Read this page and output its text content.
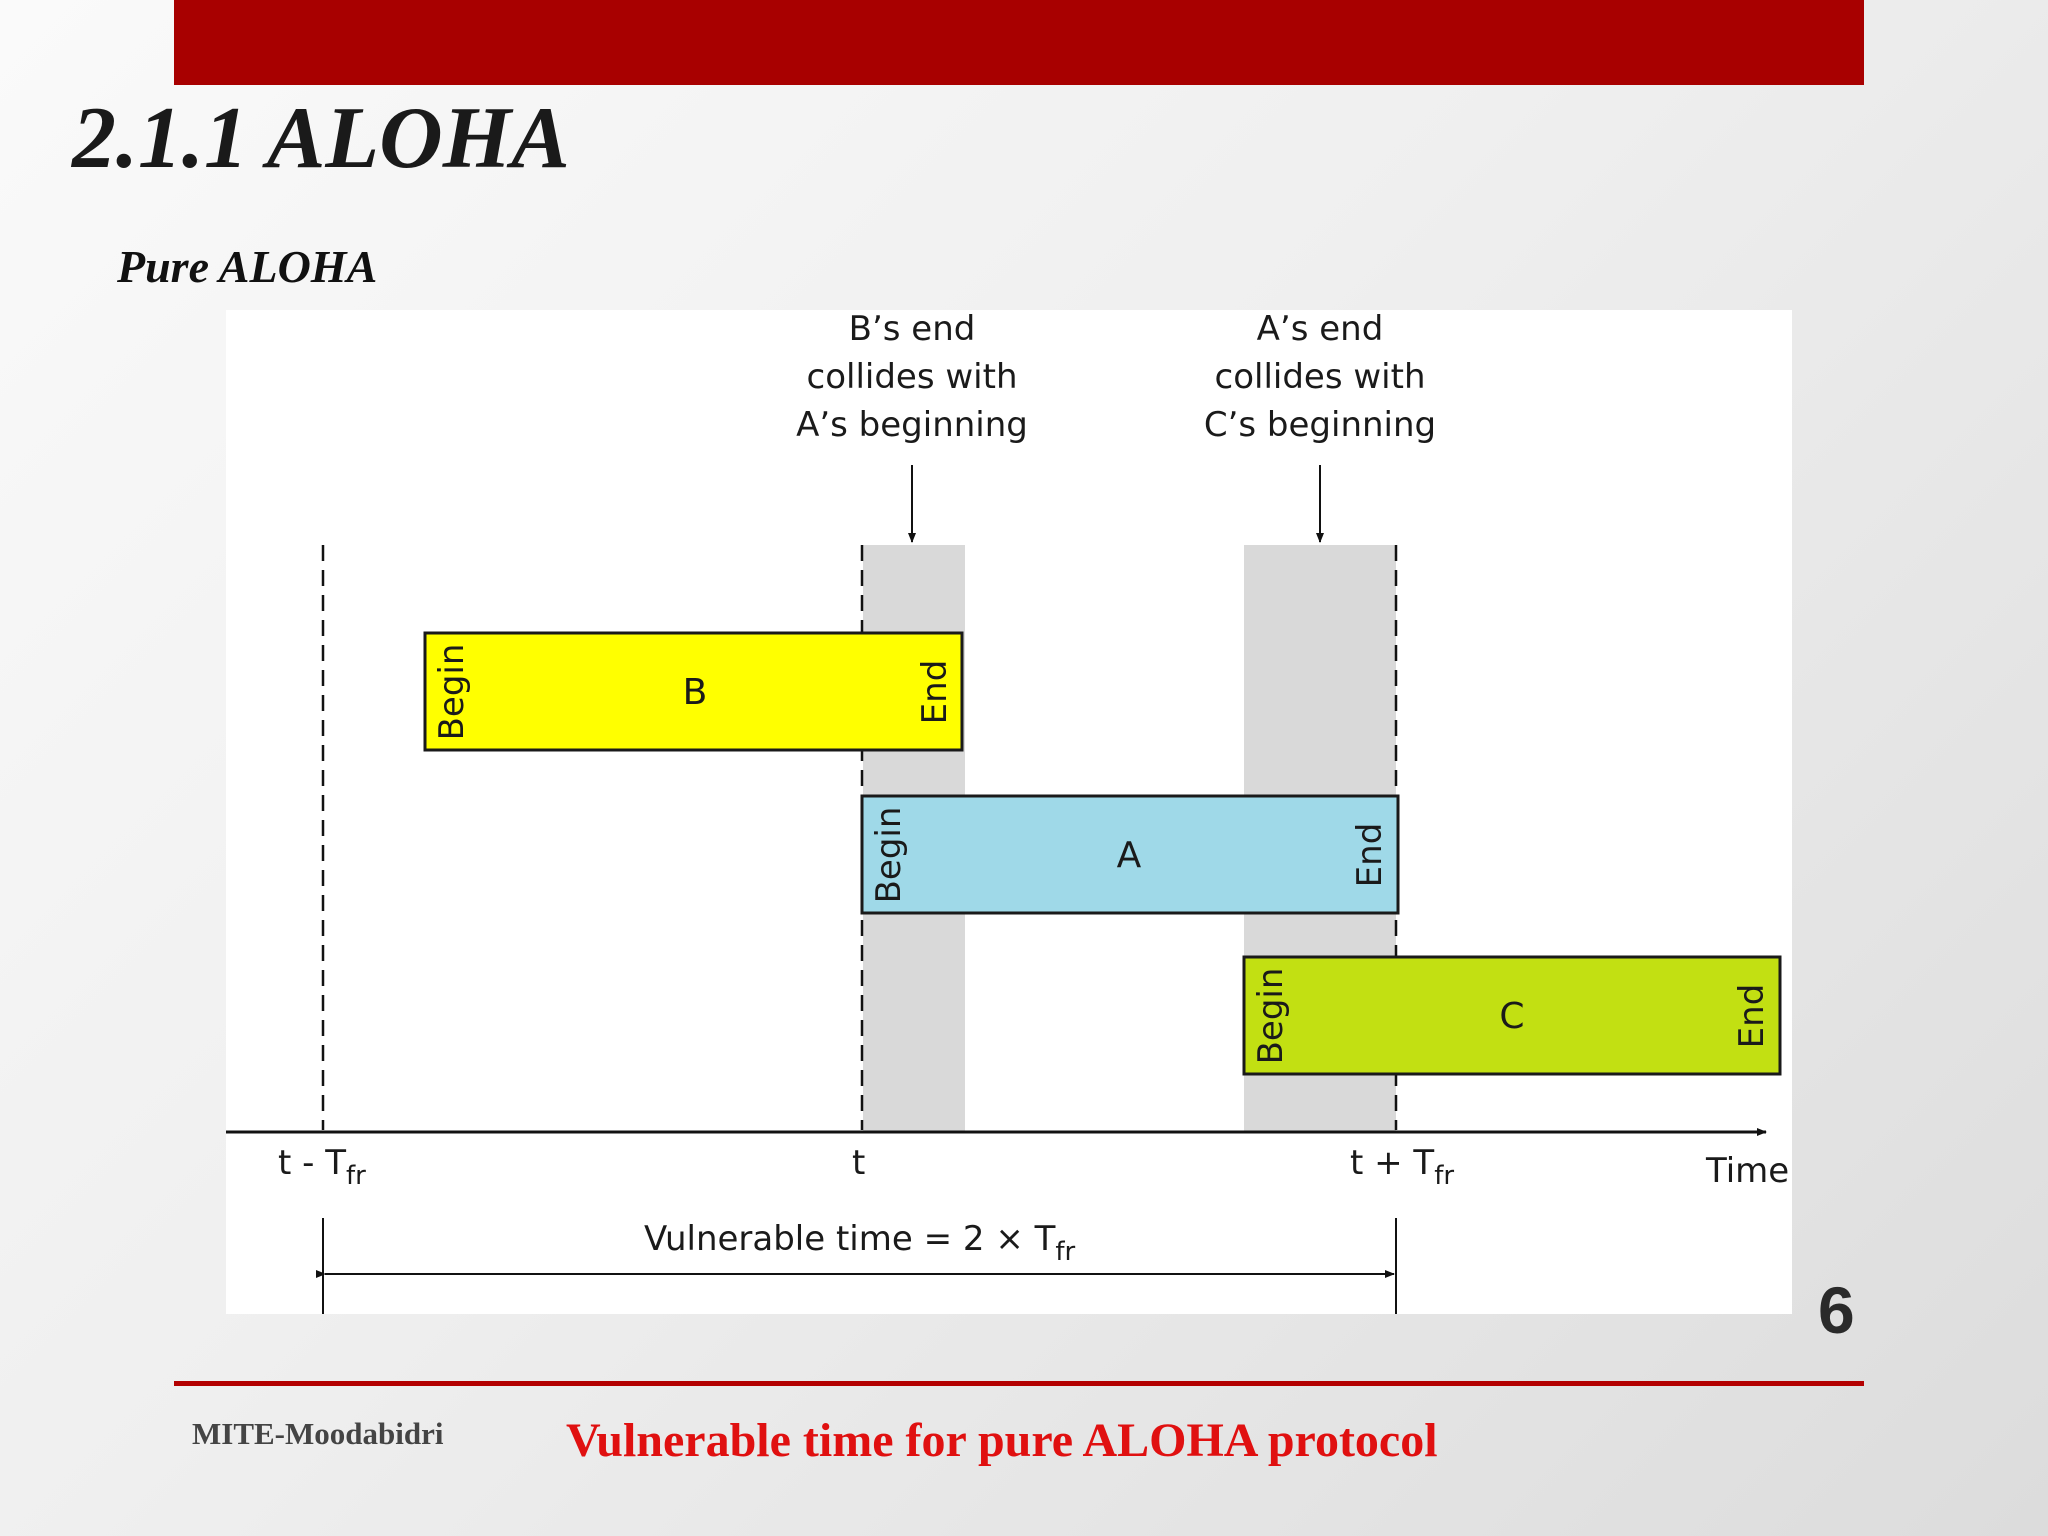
2.1.1 ALOHA
Pure ALOHA
B’s end
collides with
A’s beginning
A’s end
collides with
C’s beginning
B
Begin	End
A
Begin	End
C
Begin	End
t - $T_{fr}$	t	$t + T_{fr}$	Time
Vulnerable time = $2 \times T_{fr}$
6
MITE-Moodabidri	Vulnerable time for pure ALOHA protocol
